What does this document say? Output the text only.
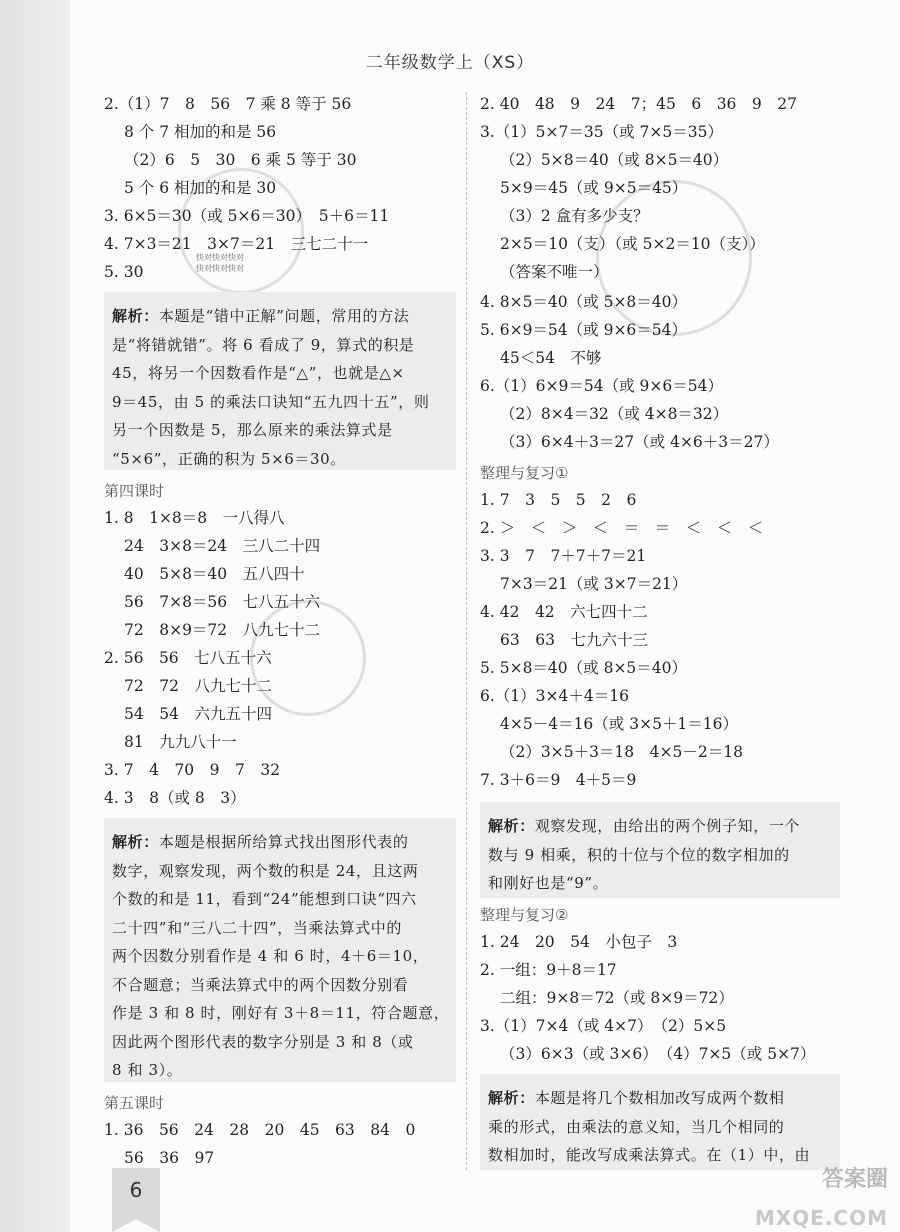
二年级数学上（XS）
快对快对快对
快对快对快对
2.（1）7　8　56　7 乘 8 等于 56
8 个 7 相加的和是 56
（2）6　5　30　6 乘 5 等于 30
5 个 6 相加的和是 30
3. 6×5＝30（或 5×6＝30）　5＋6＝11
4. 7×3＝21　3×7＝21　三七二十一
5. 30

解析：本题是“错中正解”问题，常用的方法

是“将错就错”。将 6 看成了 9，算式的积是

45，将另一个因数看作是“△”，也就是△×

9＝45，由 5 的乘法口诀知“五九四十五”，则

另一个因数是 5，那么原来的乘法算式是

“5×6”，正确的积为 5×6＝30。

第四课时
1. 8　1×8＝8　一八得八
24　3×8＝24　三八二十四
40　5×8＝40　五八四十
56　7×8＝56　七八五十六
72　8×9＝72　八九七十二
2. 56　56　七八五十六
72　72　八九七十二
54　54　六九五十四
81　九九八十一
3. 7　4　70　9　7　32
4. 3　8（或 8　3）

解析：本题是根据所给算式找出图形代表的

数字，观察发现，两个数的积是 24，且这两

个数的和是 11，看到“24”能想到口诀“四六

二十四”和“三八二十四”，当乘法算式中的

两个因数分别看作是 4 和 6 时，4＋6＝10，

不合题意；当乘法算式中的两个因数分别看

作是 3 和 8 时，刚好有 3＋8＝11，符合题意，

因此两个图形代表的数字分别是 3 和 8（或

8 和 3）。

第五课时
1. 36　56　24　28　20　45　63　84　0
56　36　97
2. 40　48　9　24　7；45　6　36　9　27
3.（1）5×7＝35（或 7×5＝35）
（2）5×8＝40（或 8×5＝40）
5×9＝45（或 9×5＝45）
（3）2 盒有多少支？
2×5＝10（支）（或 5×2＝10（支））
（答案不唯一）
4. 8×5＝40（或 5×8＝40）
5. 6×9＝54（或 9×6＝54）
45＜54　不够
6.（1）6×9＝54（或 9×6＝54）
（2）8×4＝32（或 4×8＝32）
（3）6×4＋3＝27（或 4×6＋3＝27）
整理与复习①
1. 7　3　5　5　2　6
2. ＞　＜　＞　＜　＝　＝　＜　＜　＜
3. 3　7　7＋7＋7＝21
7×3＝21（或 3×7＝21）
4. 42　42　六七四十二
63　63　七九六十三
5. 5×8＝40（或 8×5＝40）
6.（1）3×4＋4＝16
4×5－4＝16（或 3×5＋1＝16）
（2）3×5＋3＝18　4×5－2＝18
7. 3＋6＝9　4＋5＝9

解析：观察发现，由给出的两个例子知，一个

数与 9 相乘，积的十位与个位的数字相加的

和刚好也是“9”。

整理与复习②
1. 24　20　54　小包子　3
2. 一组：9＋8＝17
二组：9×8＝72（或 8×9＝72）
3.（1）7×4（或 4×7）　（2）5×5
（3）6×3（或 3×6）　（4）7×5（或 5×7）

解析：本题是将几个数相加改写成两个数相

乘的形式，由乘法的意义知，当几个相同的

数相加时，能改写成乘法算式。在（1）中，由

6	答案圈
MXQE.COM
